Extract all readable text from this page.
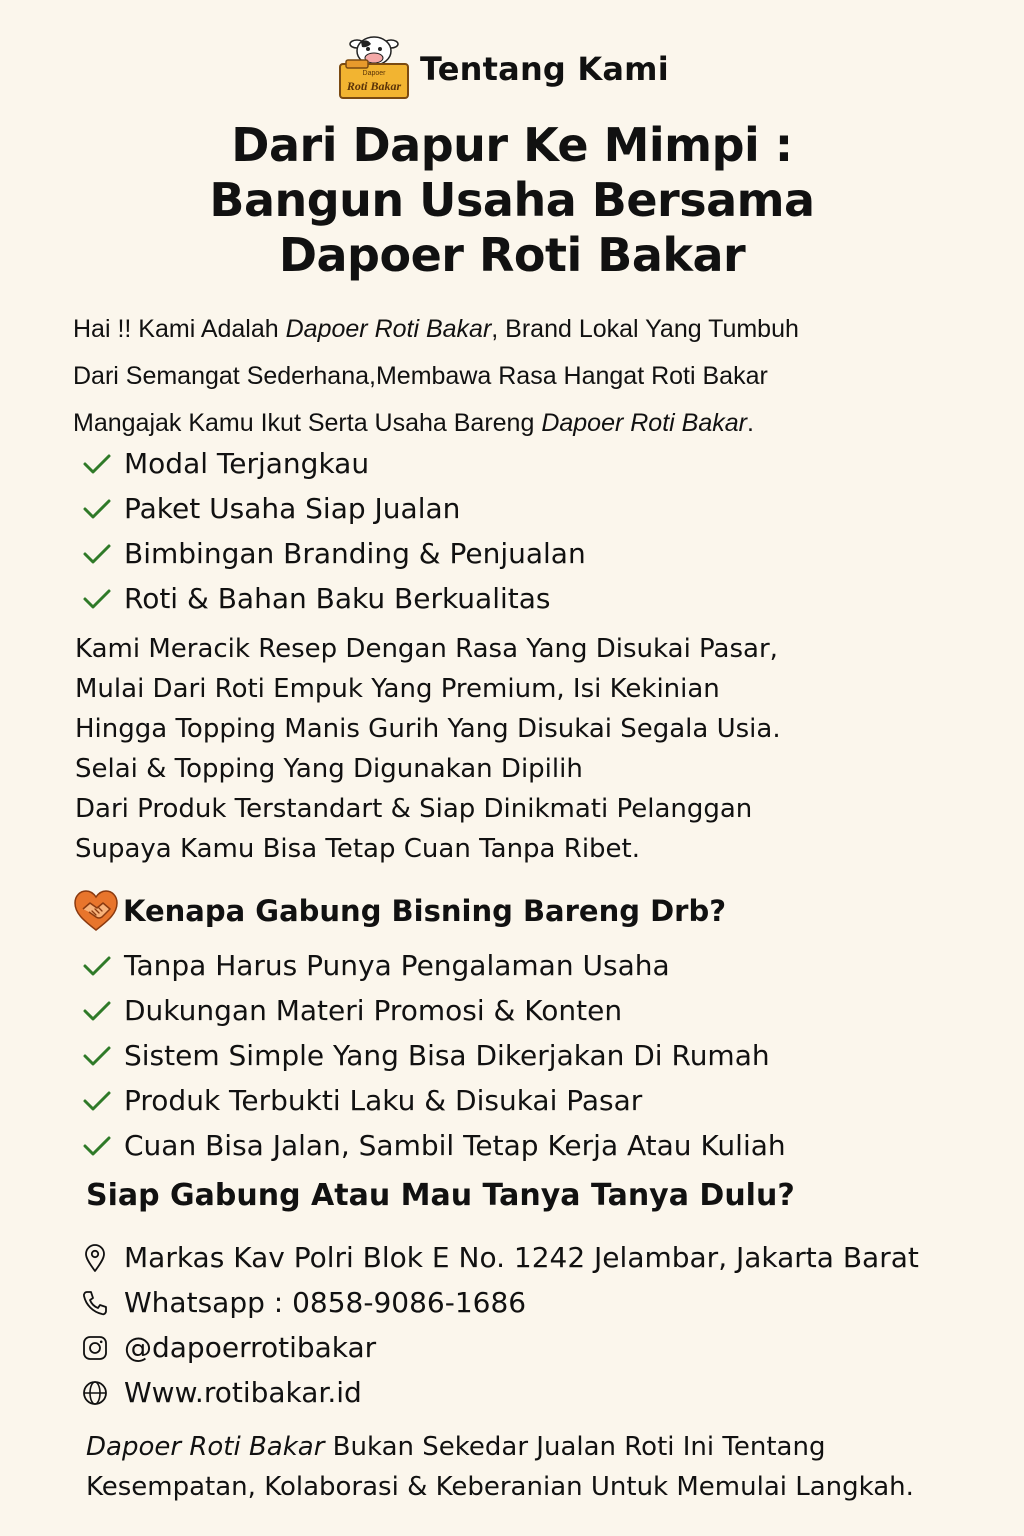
Dapoer
Roti Bakar Tentang Kami
Dari Dapur Ke Mimpi :
Bangun Usaha Bersama
Dapoer Roti Bakar
Hai !! Kami Adalah Dapoer Roti Bakar, Brand Lokal Yang Tumbuh
Dari Semangat Sederhana,Membawa Rasa Hangat Roti Bakar
Mangajak Kamu Ikut Serta Usaha Bareng Dapoer Roti Bakar.
Modal Terjangkau
Paket Usaha Siap Jualan
Bimbingan Branding & Penjualan
Roti & Bahan Baku Berkualitas
Kami Meracik Resep Dengan Rasa Yang Disukai Pasar,
Mulai Dari Roti Empuk Yang Premium, Isi Kekinian
Hingga Topping Manis Gurih Yang Disukai Segala Usia.
Selai & Topping Yang Digunakan Dipilih
Dari Produk Terstandart & Siap Dinikmati Pelanggan
Supaya Kamu Bisa Tetap Cuan Tanpa Ribet.
Kenapa Gabung Bisning Bareng Drb?
Tanpa Harus Punya Pengalaman Usaha
Dukungan Materi Promosi & Konten
Sistem Simple Yang Bisa Dikerjakan Di Rumah
Produk Terbukti Laku & Disukai Pasar
Cuan Bisa Jalan, Sambil Tetap Kerja Atau Kuliah
Siap Gabung Atau Mau Tanya Tanya Dulu?
Markas Kav Polri Blok E No. 1242 Jelambar, Jakarta Barat
Whatsapp : 0858-9086-1686
@dapoerrotibakar
Www.rotibakar.id
Dapoer Roti Bakar Bukan Sekedar Jualan Roti Ini Tentang
Kesempatan, Kolaborasi & Keberanian Untuk Memulai Langkah.
